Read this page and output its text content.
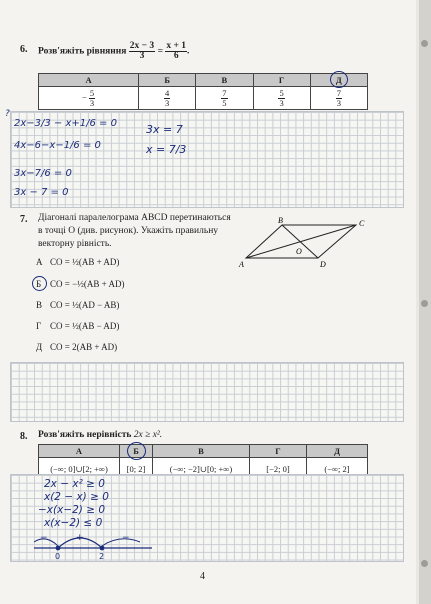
6. Розв'яжіть рівняння $\frac{2x - 3}{3} = \frac{x + 1}{6}$ .
А	Б	В	Г	Д
− $\frac{5}{3}$	$\frac{4}{3}$	$\frac{7}{5}$	$\frac{5}{3}$	$\frac{7}{3}$
?
2x−3/3 − x+1/6 = 0
4x−6−x−1/6 = 0
3x−7/6 = 0
3x − 7 = 0
3x = 7
x = 7/3
7. Діагоналі паралелограма ABCD перетинаються
в точці O (див. рисунок). Укажіть правильну
векторну рівність.
A
B	C
D
O
А CO = ½(AB + AD)
Б CO = −½(AB + AD)
В CO = ½(AD − AB)
Г CO = ½(AB − AD)
Д CO = 2(AB + AD)
8. Розв'яжіть нерівність 2x ≥ x².
А	Б	В	Г	Д
(−∞; 0]∪[2; +∞)	[0; 2]	(−∞; −2]∪[0; +∞)	[−2; 0]	(−∞; 2]
2x − x² ≥ 0
x(2 − x) ≥ 0
−x(x−2) ≥ 0
x(x−2) ≤ 0
−	+	−
0	2
4
